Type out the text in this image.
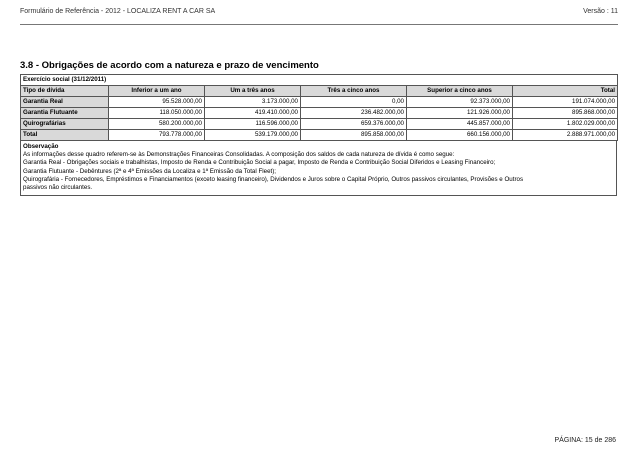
Formulário de Referência - 2012 - LOCALIZA RENT A CAR SA	Versão : 11
3.8 - Obrigações de acordo com a natureza e prazo de vencimento
Exercício social (31/12/2011)					
Tipo de dívida	Inferior a um ano	Um a três anos	Três a cinco anos	Superior a cinco anos	Total
Garantia Real	95.528.000,00	3.173.000,00	0,00	92.373.000,00	191.074.000,00
Garantia Flutuante	118.050.000,00	419.410.000,00	236.482.000,00	121.926.000,00	895.868.000,00
Quirografárias	580.200.000,00	116.596.000,00	659.376.000,00	445.857.000,00	1.802.029.000,00
Total	793.778.000,00	539.179.000,00	895.858.000,00	660.156.000,00	2.888.971.000,00
Observação
As informações desse quadro referem-se às Demonstrações Financeiras Consolidadas. A composição dos saldos de cada natureza de dívida é como segue:
Garantia Real - Obrigações sociais e trabalhistas, Imposto de Renda e Contribuição Social a pagar, Imposto de Renda e Contribuição Social Diferidos e Leasing Financeiro;
Garantia Flutuante - Debêntures (2ª e 4ª Emissões da Localiza e 1ª Emissão da Total Fleet);
Quirografária - Fornecedores, Empréstimos e Financiamentos (exceto leasing financeiro), Dividendos e Juros sobre o Capital Próprio, Outros passivos circulantes, Provisões e Outros
passivos não circulantes.
PÁGINA: 15 de 286
